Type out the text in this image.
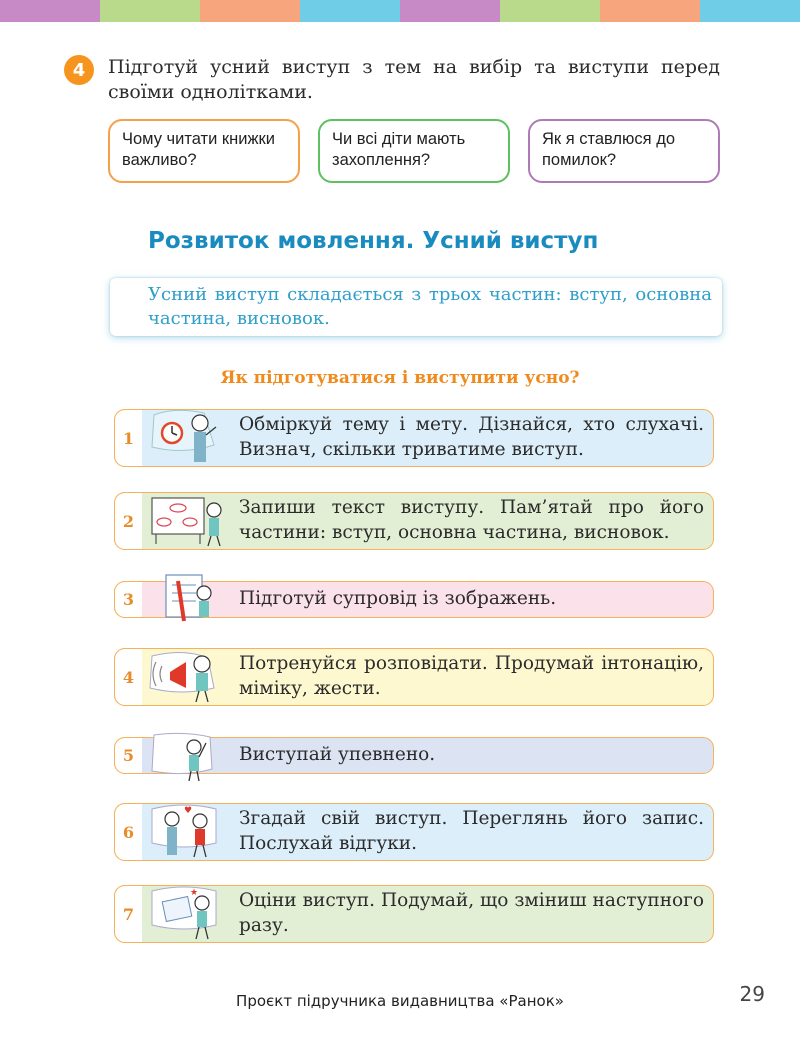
4	Підготуй усний виступ з тем на вибір та виступи перед своїми однолітками.
Чому читати книжки важливо?
Чи всі діти мають захоплення?
Як я ставлюся до помилок?
Розвиток мовлення. Усний виступ
Усний виступ складається з трьох частин: вступ, основна частина, висновок.
Як підготуватися і виступити усно?
1
Обміркуй тему і мету. Дізнайся, хто слухачі. Визнач, скільки триватиме виступ.
2
Запиши текст виступу. Пам’ятай про його частини: вступ, основна частина, висновок.
3	Підготуй супровід із зображень.
4
Потренуйся розповідати. Продумай інтонацію, міміку, жести.
5	Виступай упевнено.
6
♥	Згадай свій виступ. Переглянь його запис. Послухай відгуки.
7
★ Оціни виступ. Подумай, що зміниш наступного разу.
Проєкт підручника видавництва «Ранок»	29
